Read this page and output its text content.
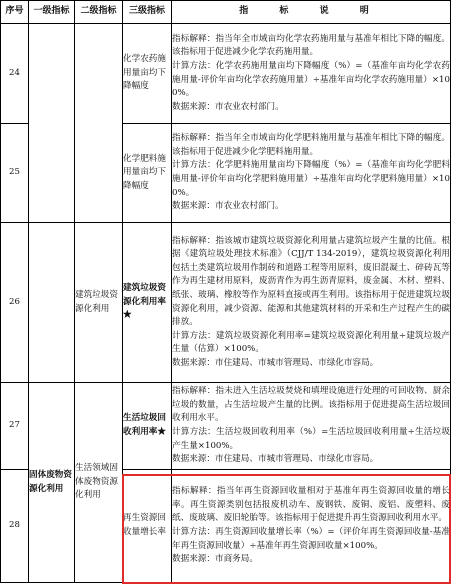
序号	一级指标	二级指标	三级指标	指 标 说 明
24			化学农药施用量亩均下降幅度	指标解释：指当年全市域亩均化学农药施用量与基准年相比下降的幅度。该指标用于促进减少化学农药施用量。

计算方法：化学农药施用量亩均下降幅度（%）=（基准年亩均化学农药施用量-评价年亩均化学农药施用量）÷基准年亩均化学农药施用量）×100%。

数据来源：市农业农村部门。

25			化学肥料施用量亩均下降幅度	指标解释：指当年全市域亩均化学肥料施用量与基准年相比下降的幅度。该指标用于促进减少化学肥料施用量。

计算方法：化学肥料施用量亩均下降幅度（%）=（基准年亩均化学肥料施用量-评价年亩均化学肥料施用量）÷基准年亩均化学肥料施用量）×100%。

数据来源：市农业农村部门。

26		建筑垃圾资源化利用	建筑垃圾资源化利用率★	指标解释：指该城市建筑垃圾资源化利用量占建筑垃圾产生量的比值。根据《建筑垃圾处理技术标准》（CJJ/T 134-2019），建筑垃圾资源化利用包括土类建筑垃圾用作制砖和道路工程等用原料，废旧混凝土、碎砖瓦等作为再生建材用原料，废沥青作为再生沥青原料，废金属、木材、塑料、纸张、玻璃、橡胶等作为原料直接或再生利用。该指标用于促进建筑垃圾资源化利用，减少资源、能源和其他建筑材料的开采和生产过程产生的碳排放。

计算方法：建筑垃圾资源化利用率=建筑垃圾资源化利用量÷建筑垃圾产生量（估算）×100%。

数据来源：市住建局、市城市管理局、市绿化市容局。

27	固体废物资源化利用	生活领域固体废物资源化利用	生活垃圾回收利用率★	指标解释：指未进入生活垃圾焚烧和填埋设施进行处理的可回收物、厨余垃圾的数量，占生活垃圾产生量的比例。该指标用于促进提高生活垃圾回收利用水平。

计算方法：生活垃圾回收利用率（%）=生活垃圾回收利用量÷生活垃圾产生量×100%。

数据来源：市住建局、市城市管理局、市绿化市容局。

28			再生资源回收量增长率	指标解释：指当年再生资源回收量相对于基准年再生资源回收量的增长率。再生资源类别包括报废机动车、废钢铁、废铜、废铝、废塑料、废纸、废玻璃、废旧轮胎等。该指标用于促进提升再生资源回收利用水平。

计算方法：再生资源回收量增长率（%）=（评价年再生资源回收量-基准年再生资源回收量）÷基准年再生资源回收量×100%。

数据来源：市商务局。
